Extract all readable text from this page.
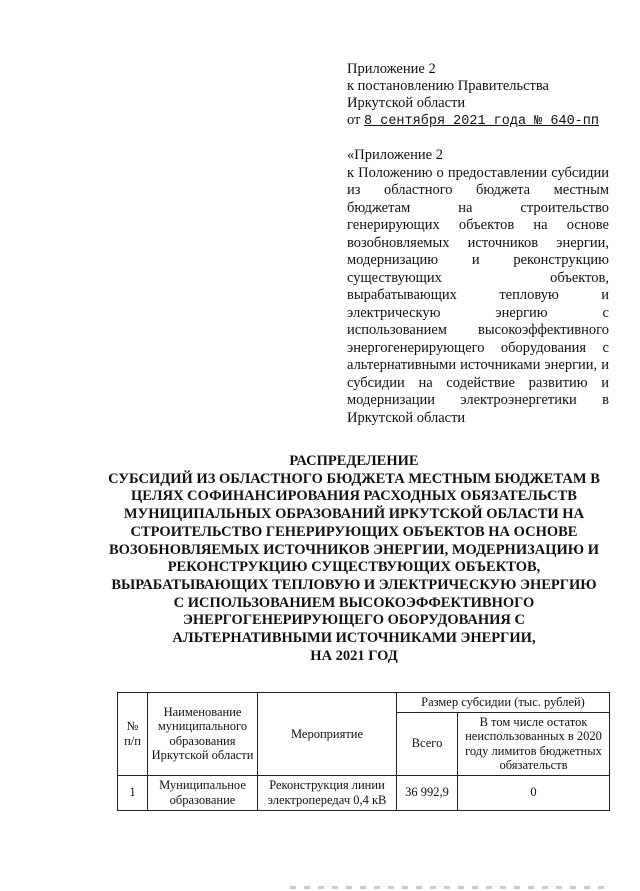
Приложение 2
к постановлению Правительства
Иркутской области
от 8 сентября 2021 года № 640-пп
«Приложение 2
к Положению о предоставлении субсидии из областного бюджета местным бюджетам на строительство генерирующих объектов на основе возобновляемых источников энергии, модернизацию и реконструкцию существующих объектов, вырабатывающих тепловую и электрическую энергию с использованием высокоэффективного энергогенерирующего оборудования с альтернативными источниками энергии, и субсидии на содействие развитию и модернизации электроэнергетики в Иркутской области
РАСПРЕДЕЛЕНИЕ
СУБСИДИЙ ИЗ ОБЛАСТНОГО БЮДЖЕТА МЕСТНЫМ БЮДЖЕТАМ В ЦЕЛЯХ СОФИНАНСИРОВАНИЯ РАСХОДНЫХ ОБЯЗАТЕЛЬСТВ МУНИЦИПАЛЬНЫХ ОБРАЗОВАНИЙ ИРКУТСКОЙ ОБЛАСТИ НА СТРОИТЕЛЬСТВО ГЕНЕРИРУЮЩИХ ОБЪЕКТОВ НА ОСНОВЕ ВОЗОБНОВЛЯЕМЫХ ИСТОЧНИКОВ ЭНЕРГИИ, МОДЕРНИЗАЦИЮ И РЕКОНСТРУКЦИЮ СУЩЕСТВУЮЩИХ ОБЪЕКТОВ, ВЫРАБАТЫВАЮЩИХ ТЕПЛОВУЮ И ЭЛЕКТРИЧЕСКУЮ ЭНЕРГИЮ С ИСПОЛЬЗОВАНИЕМ ВЫСОКОЭФФЕКТИВНОГО ЭНЕРГОГЕНЕРИРУЮЩЕГО ОБОРУДОВАНИЯ С АЛЬТЕРНАТИВНЫМИ ИСТОЧНИКАМИ ЭНЕРГИИ,
НА 2021 ГОД
№ п/п	Наименование муниципального образования Иркутской области	Мероприятие	Размер субсидии (тыс. рублей)	
			Всего	В том числе остаток неиспользованных в 2020 году лимитов бюджетных обязательств
1	Муниципальное образование	Реконструкция линии электропередач 0,4 кВ	36 992,9	0
